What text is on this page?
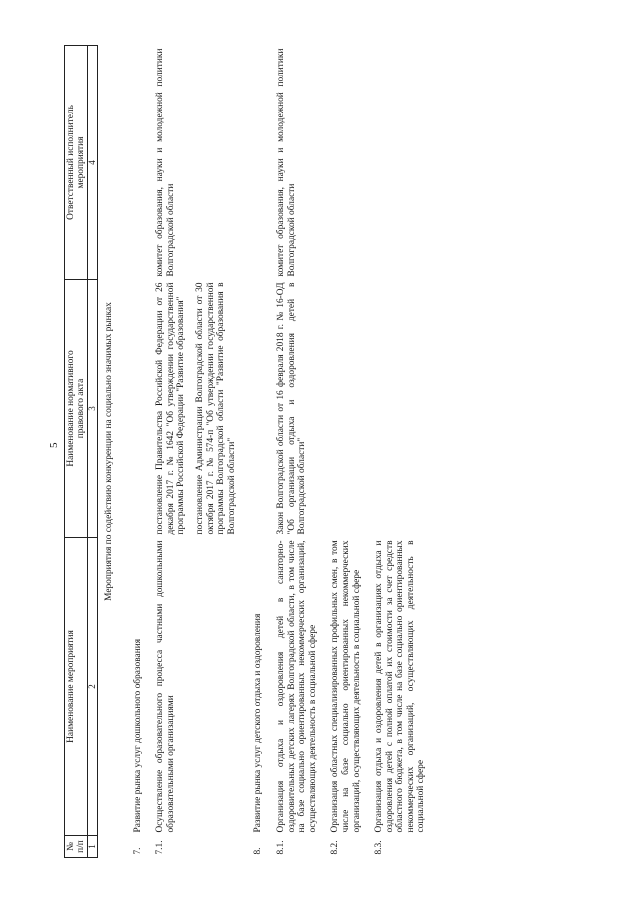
5
№
п/п	Наименование мероприятия	Наименование нормативного
правового акта	Ответственный исполнитель
мероприятия
1	2	3	4
Мероприятия по содействию конкуренции на социально значимых рынках			
7.	Развитие рынка услуг дошкольного образования		
7.1.	Осуществление образовательного процесса частными дошкольными образовательными организациями	постановление Правительства Российской Федерации от 26 декабря 2017 г. № 1642 "Об утверждении государственной программы Российской Федерации "Развитие образования" постановление Администрации Волгоградской области от 30 октября 2017 г. № 574-п "Об утверждении государственной программы Волгоградской области "Развитие образования в Волгоградской области"	комитет образования, науки и молодежной политики Волгоградской области
8.	Развитие рынка услуг детского отдыха и оздоровления		
8.1.	Организация отдыха и оздоровления детей в санаторно-оздоровительных детских лагерях Волгоградской области, в том числе на базе социально ориентированных некоммерческих организаций, осуществляющих деятельность в социальной сфере	Закон Волгоградской области от 16 февраля 2018 г. № 16-ОД "Об организации отдыха и оздоровления детей в Волгоградской области"	комитет образования, науки и молодежной политики Волгоградской области
8.2.	Организация областных специализированных профильных смен, в том числе на базе социально ориентированных некоммерческих организаций, осуществляющих деятельность в социальной сфере		
8.3.	Организация отдыха и оздоровления детей в организациях отдыха и оздоровления детей с полной оплатой их стоимости за счет средств областного бюджета, в том числе на базе социально ориентированных некоммерческих организаций, осуществляющих деятельность в социальной сфере		
